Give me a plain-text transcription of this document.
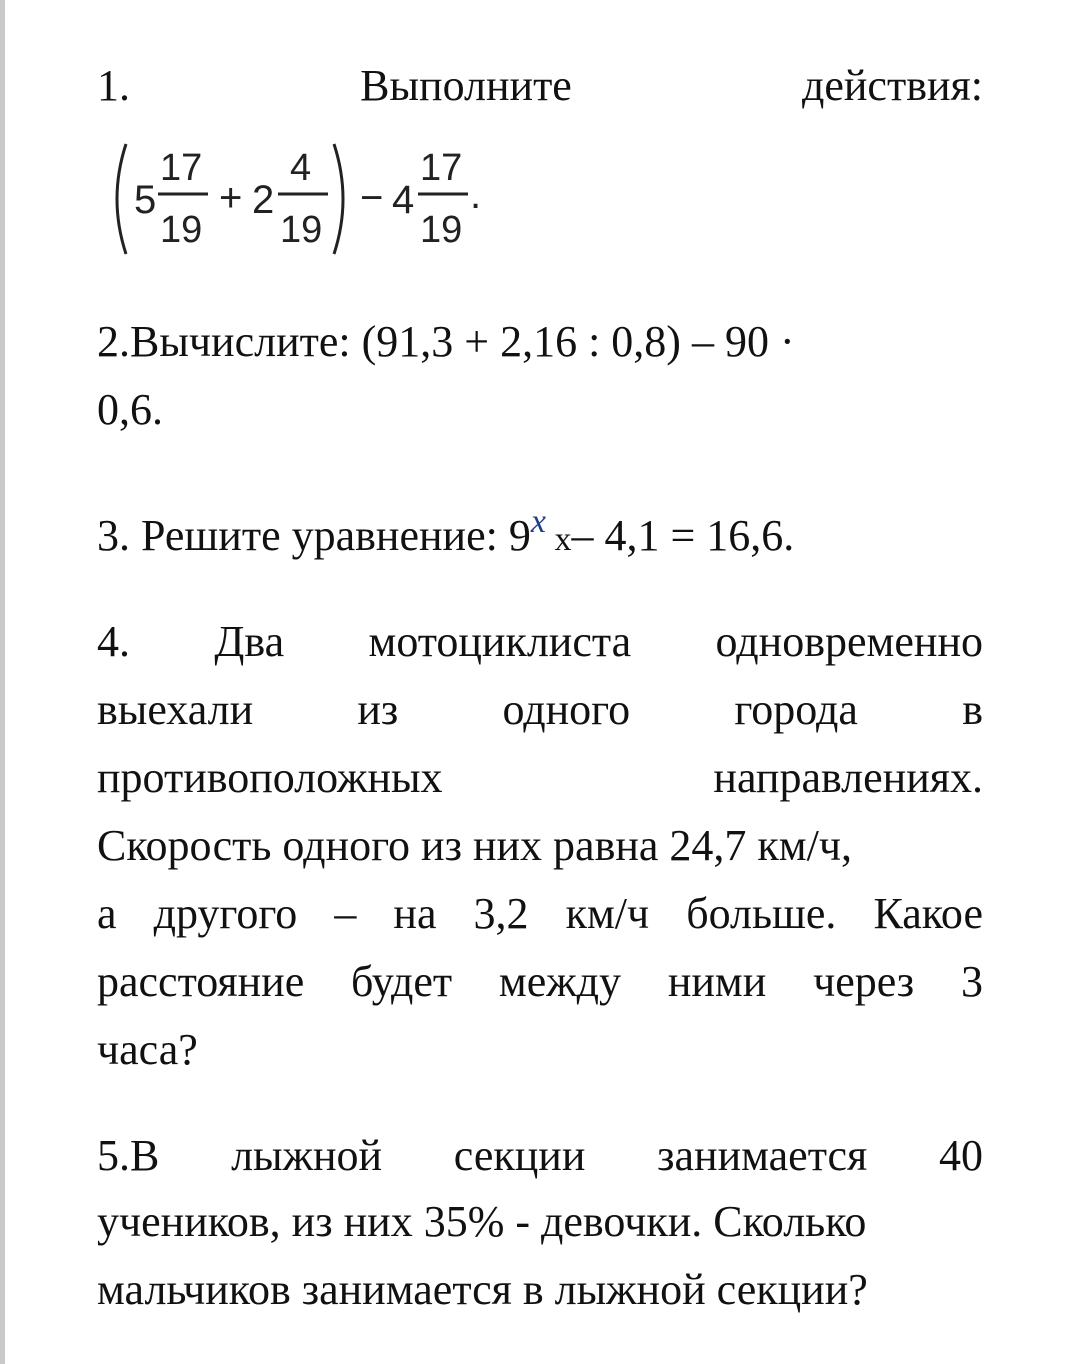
1.	Выполните	действия:
5
17
19
+ 2
4
19
− 4
17
19
.
2.Вычислите: (91,3 + 2,16 : 0,8) – 90 ·
0,6.
3. Решите уравнение: 9$^x$ х– 4,1 = 16,6.
4. Два мотоциклиста одновременно
выехали из одного города в
противоположных	направлениях.
Скорость одного из них равна 24,7 км/ч,
а другого – на 3,2 км/ч больше. Какое
расстояние будет между ними через 3
часа?
5.В лыжной секции занимается 40
учеников, из них 35% - девочки. Сколько
мальчиков занимается в лыжной секции?
